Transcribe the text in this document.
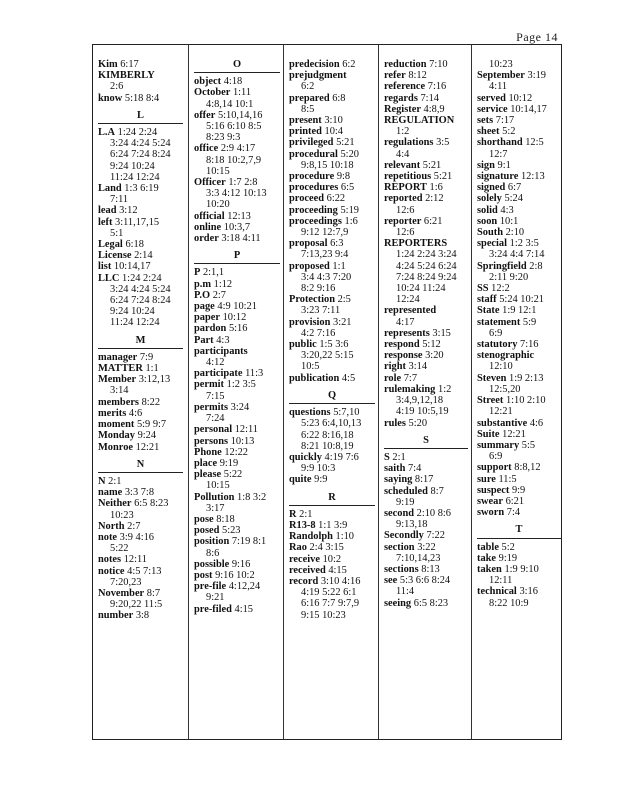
Page 14
Kim 6:17
KIMBERLY
2:6
know 5:18 8:4
L
L.A 1:24 2:24
3:24 4:24 5:24
6:24 7:24 8:24
9:24 10:24
11:24 12:24
Land 1:3 6:19
7:11
lead 3:12
left 3:11,17,15
5:1
Legal 6:18
License 2:14
list 10:14,17
LLC 1:24 2:24
3:24 4:24 5:24
6:24 7:24 8:24
9:24 10:24
11:24 12:24
M
manager 7:9
MATTER 1:1
Member 3:12,13
3:14
members 8:22
merits 4:6
moment 5:9 9:7
Monday 9:24
Monroe 12:21
N
N 2:1
name 3:3 7:8
Neither 6:5 8:23
10:23
North 2:7
note 3:9 4:16
5:22
notes 12:11
notice 4:5 7:13
7:20,23
November 8:7
9:20,22 11:5
number 3:8
O
object 4:18
October 1:11
4:8,14 10:1
offer 5:10,14,16
5:16 6:10 8:5
8:23 9:3
office 2:9 4:17
8:18 10:2,7,9
10:15
Officer 1:7 2:8
3:3 4:12 10:13
10:20
official 12:13
online 10:3,7
order 3:18 4:11
P
P 2:1,1
p.m 1:12
P.O 2:7
page 4:9 10:21
paper 10:12
pardon 5:16
Part 4:3
participants
4:12
participate 11:3
permit 1:2 3:5
7:15
permits 3:24
7:24
personal 12:11
persons 10:13
Phone 12:22
place 9:19
please 5:22
10:15
Pollution 1:8 3:2
3:17
pose 8:18
posed 5:23
position 7:19 8:1
8:6
possible 9:16
post 9:16 10:2
pre-file 4:12,24
9:21
pre-filed 4:15
predecision 6:2
prejudgment
6:2
prepared 6:8
8:5
present 3:10
printed 10:4
privileged 5:21
procedural 5:20
9:8,15 10:18
procedure 9:8
procedures 6:5
proceed 6:22
proceeding 5:19
proceedings 1:6
9:12 12:7,9
proposal 6:3
7:13,23 9:4
proposed 1:1
3:4 4:3 7:20
8:2 9:16
Protection 2:5
3:23 7:11
provision 3:21
4:2 7:16
public 1:5 3:6
3:20,22 5:15
10:5
publication 4:5
Q
questions 5:7,10
5:23 6:4,10,13
6:22 8:16,18
8:21 10:8,19
quickly 4:19 7:6
9:9 10:3
quite 9:9
R
R 2:1
R13-8 1:1 3:9
Randolph 1:10
Rao 2:4 3:15
receive 10:2
received 4:15
record 3:10 4:16
4:19 5:22 6:1
6:16 7:7 9:7,9
9:15 10:23
reduction 7:10
refer 8:12
reference 7:16
regards 7:14
Register 4:8,9
REGULATION
1:2
regulations 3:5
4:4
relevant 5:21
repetitious 5:21
REPORT 1:6
reported 2:12
12:6
reporter 6:21
12:6
REPORTERS
1:24 2:24 3:24
4:24 5:24 6:24
7:24 8:24 9:24
10:24 11:24
12:24
represented
4:17
represents 3:15
respond 5:12
response 3:20
right 3:14
role 7:7
rulemaking 1:2
3:4,9,12,18
4:19 10:5,19
rules 5:20
S
S 2:1
saith 7:4
saying 8:17
scheduled 8:7
9:19
second 2:10 8:6
9:13,18
Secondly 7:22
section 3:22
7:10,14,23
sections 8:13
see 5:3 6:6 8:24
11:4
seeing 6:5 8:23
10:23
September 3:19
4:11
served 10:12
service 10:14,17
sets 7:17
sheet 5:2
shorthand 12:5
12:7
sign 9:1
signature 12:13
signed 6:7
solely 5:24
solid 4:3
soon 10:1
South 2:10
special 1:2 3:5
3:24 4:4 7:14
Springfield 2:8
2:11 9:20
SS 12:2
staff 5:24 10:21
State 1:9 12:1
statement 5:9
6:9
statutory 7:16
stenographic
12:10
Steven 1:9 2:13
12:5,20
Street 1:10 2:10
12:21
substantive 4:6
Suite 12:21
summary 5:5
6:9
support 8:8,12
sure 11:5
suspect 9:9
swear 6:21
sworn 7:4
T
table 5:2
take 9:19
taken 1:9 9:10
12:11
technical 3:16
8:22 10:9
